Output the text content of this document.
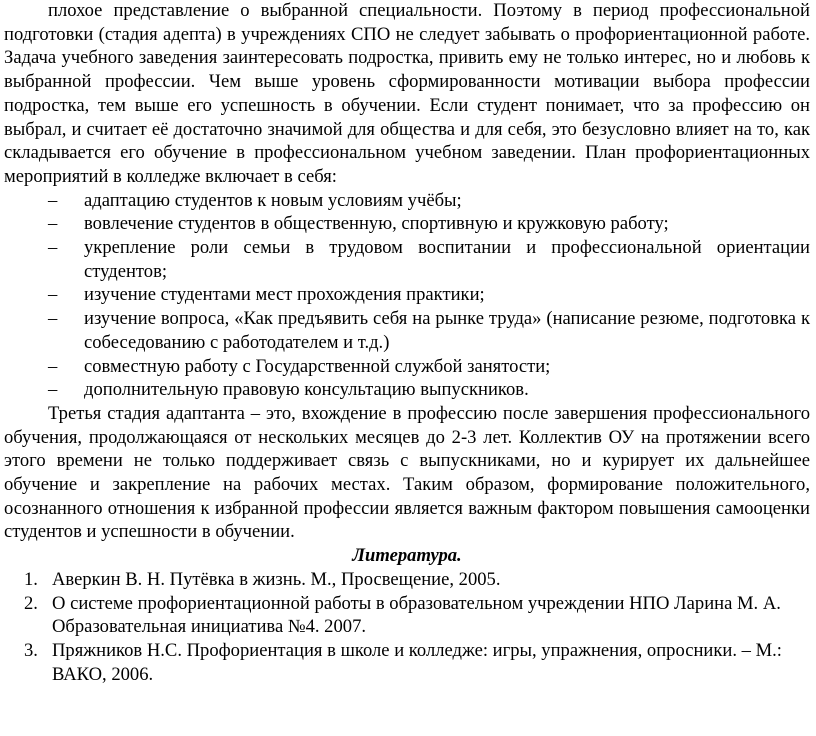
плохое представление о выбранной специальности. Поэтому в период профессиональной подготовки (стадия адепта) в учреждениях СПО не следует забывать о профориентационной работе. Задача учебного заведения заинтересовать подростка, привить ему не только интерес, но и любовь к выбранной профессии. Чем выше уровень сформированности мотивации выбора профессии подростка, тем выше его успешность в обучении. Если студент понимает, что за профессию он выбрал, и считает её достаточно значимой для общества и для себя, это безусловно влияет на то, как складывается его обучение в профессиональном учебном заведении. План профориентационных мероприятий в колледже включает в себя:

– адаптацию студентов к новым условиям учёбы;
– вовлечение студентов в общественную, спортивную и кружковую работу;
– укрепление роли семьи в трудовом воспитании и профессиональной ориентации студентов;
– изучение студентами мест прохождения практики;
– изучение вопроса, «Как предъявить себя на рынке труда» (написание резюме, подготовка к собеседованию с работодателем и т.д.)
– совместную работу с Государственной службой занятости;
– дополнительную правовую консультацию выпускников.

Третья стадия адаптанта – это, вхождение в профессию после завершения профессионального обучения, продолжающаяся от нескольких месяцев до 2-3 лет. Коллектив ОУ на протяжении всего этого времени не только поддерживает связь с выпускниками, но и курирует их дальнейшее обучение и закрепление на рабочих местах. Таким образом, формирование положительного, осознанного отношения к избранной профессии является важным фактором повышения самооценки студентов и успешности в обучении.

Литература.
1. Аверкин В. Н. Путёвка в жизнь. М., Просвещение, 2005.
2. О системе профориентационной работы в образовательном учреждении НПО Ларина М. А. Образовательная инициатива №4. 2007.
3. Пряжников Н.С. Профориентация в школе и колледже: игры, упражнения, опросники. – М.: ВАКО, 2006.
